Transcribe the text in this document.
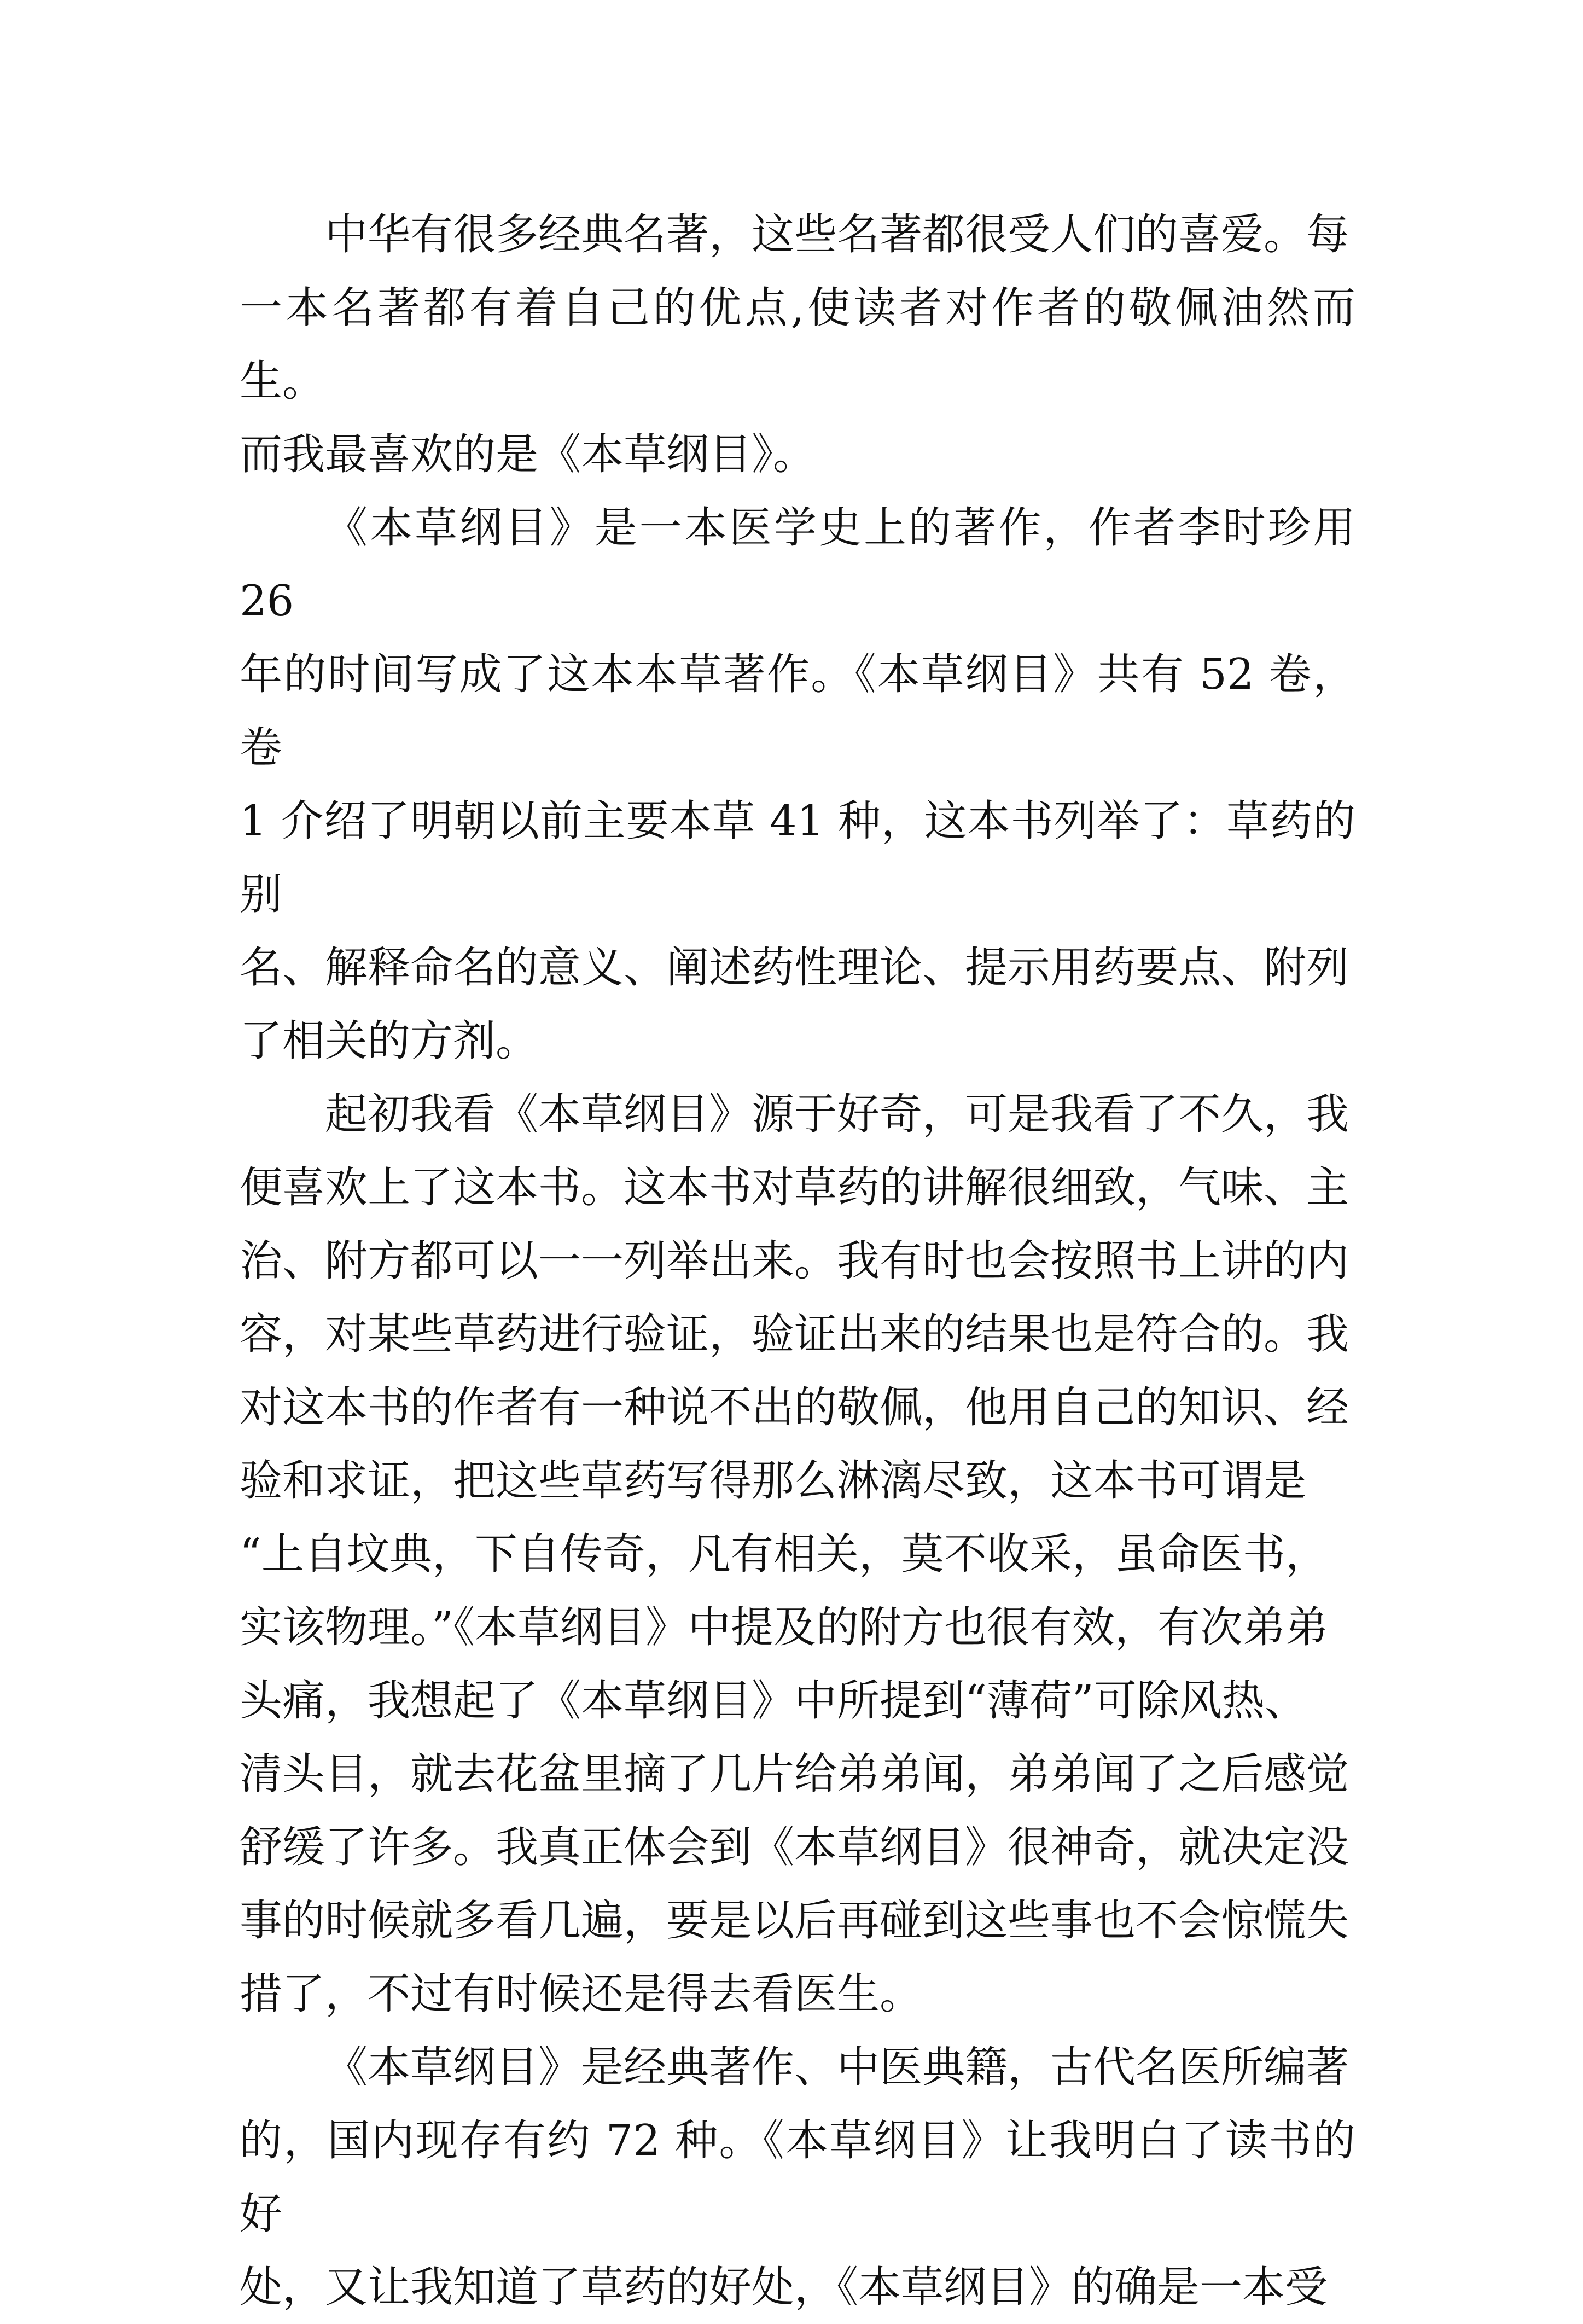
中华有很多经典名著，这些名著都很受人们的喜爱。每
一本名著都有着自己的优点,使读者对作者的敬佩油然而生。
而我最喜欢的是《本草纲目》。

《本草纲目》是一本医学史上的著作，作者李时珍用 26
年的时间写成了这本本草著作。《本草纲目》共有 52 卷，卷
1 介绍了明朝以前主要本草 41 种，这本书列举了：草药的别
名、解释命名的意义、阐述药性理论、提示用药要点、附列
了相关的方剂。

起初我看《本草纲目》源于好奇，可是我看了不久，我
便喜欢上了这本书。这本书对草药的讲解很细致，气味、主
治、附方都可以一一列举出来。我有时也会按照书上讲的内
容，对某些草药进行验证，验证出来的结果也是符合的。我
对这本书的作者有一种说不出的敬佩，他用自己的知识、经
验和求证，把这些草药写得那么淋漓尽致，这本书可谓是
“上自坟典，下自传奇，凡有相关，莫不收采，虽命医书，
实该物理。”《本草纲目》中提及的附方也很有效，有次弟弟
头痛，我想起了《本草纲目》中所提到“薄荷”可除风热、
清头目，就去花盆里摘了几片给弟弟闻，弟弟闻了之后感觉
舒缓了许多。我真正体会到《本草纲目》很神奇，就决定没
事的时候就多看几遍，要是以后再碰到这些事也不会惊慌失
措了，不过有时候还是得去看医生。

《本草纲目》是经典著作、中医典籍，古代名医所编著
的，国内现存有约 72 种。《本草纲目》让我明白了读书的好
处，又让我知道了草药的好处，《本草纲目》的确是一本受
